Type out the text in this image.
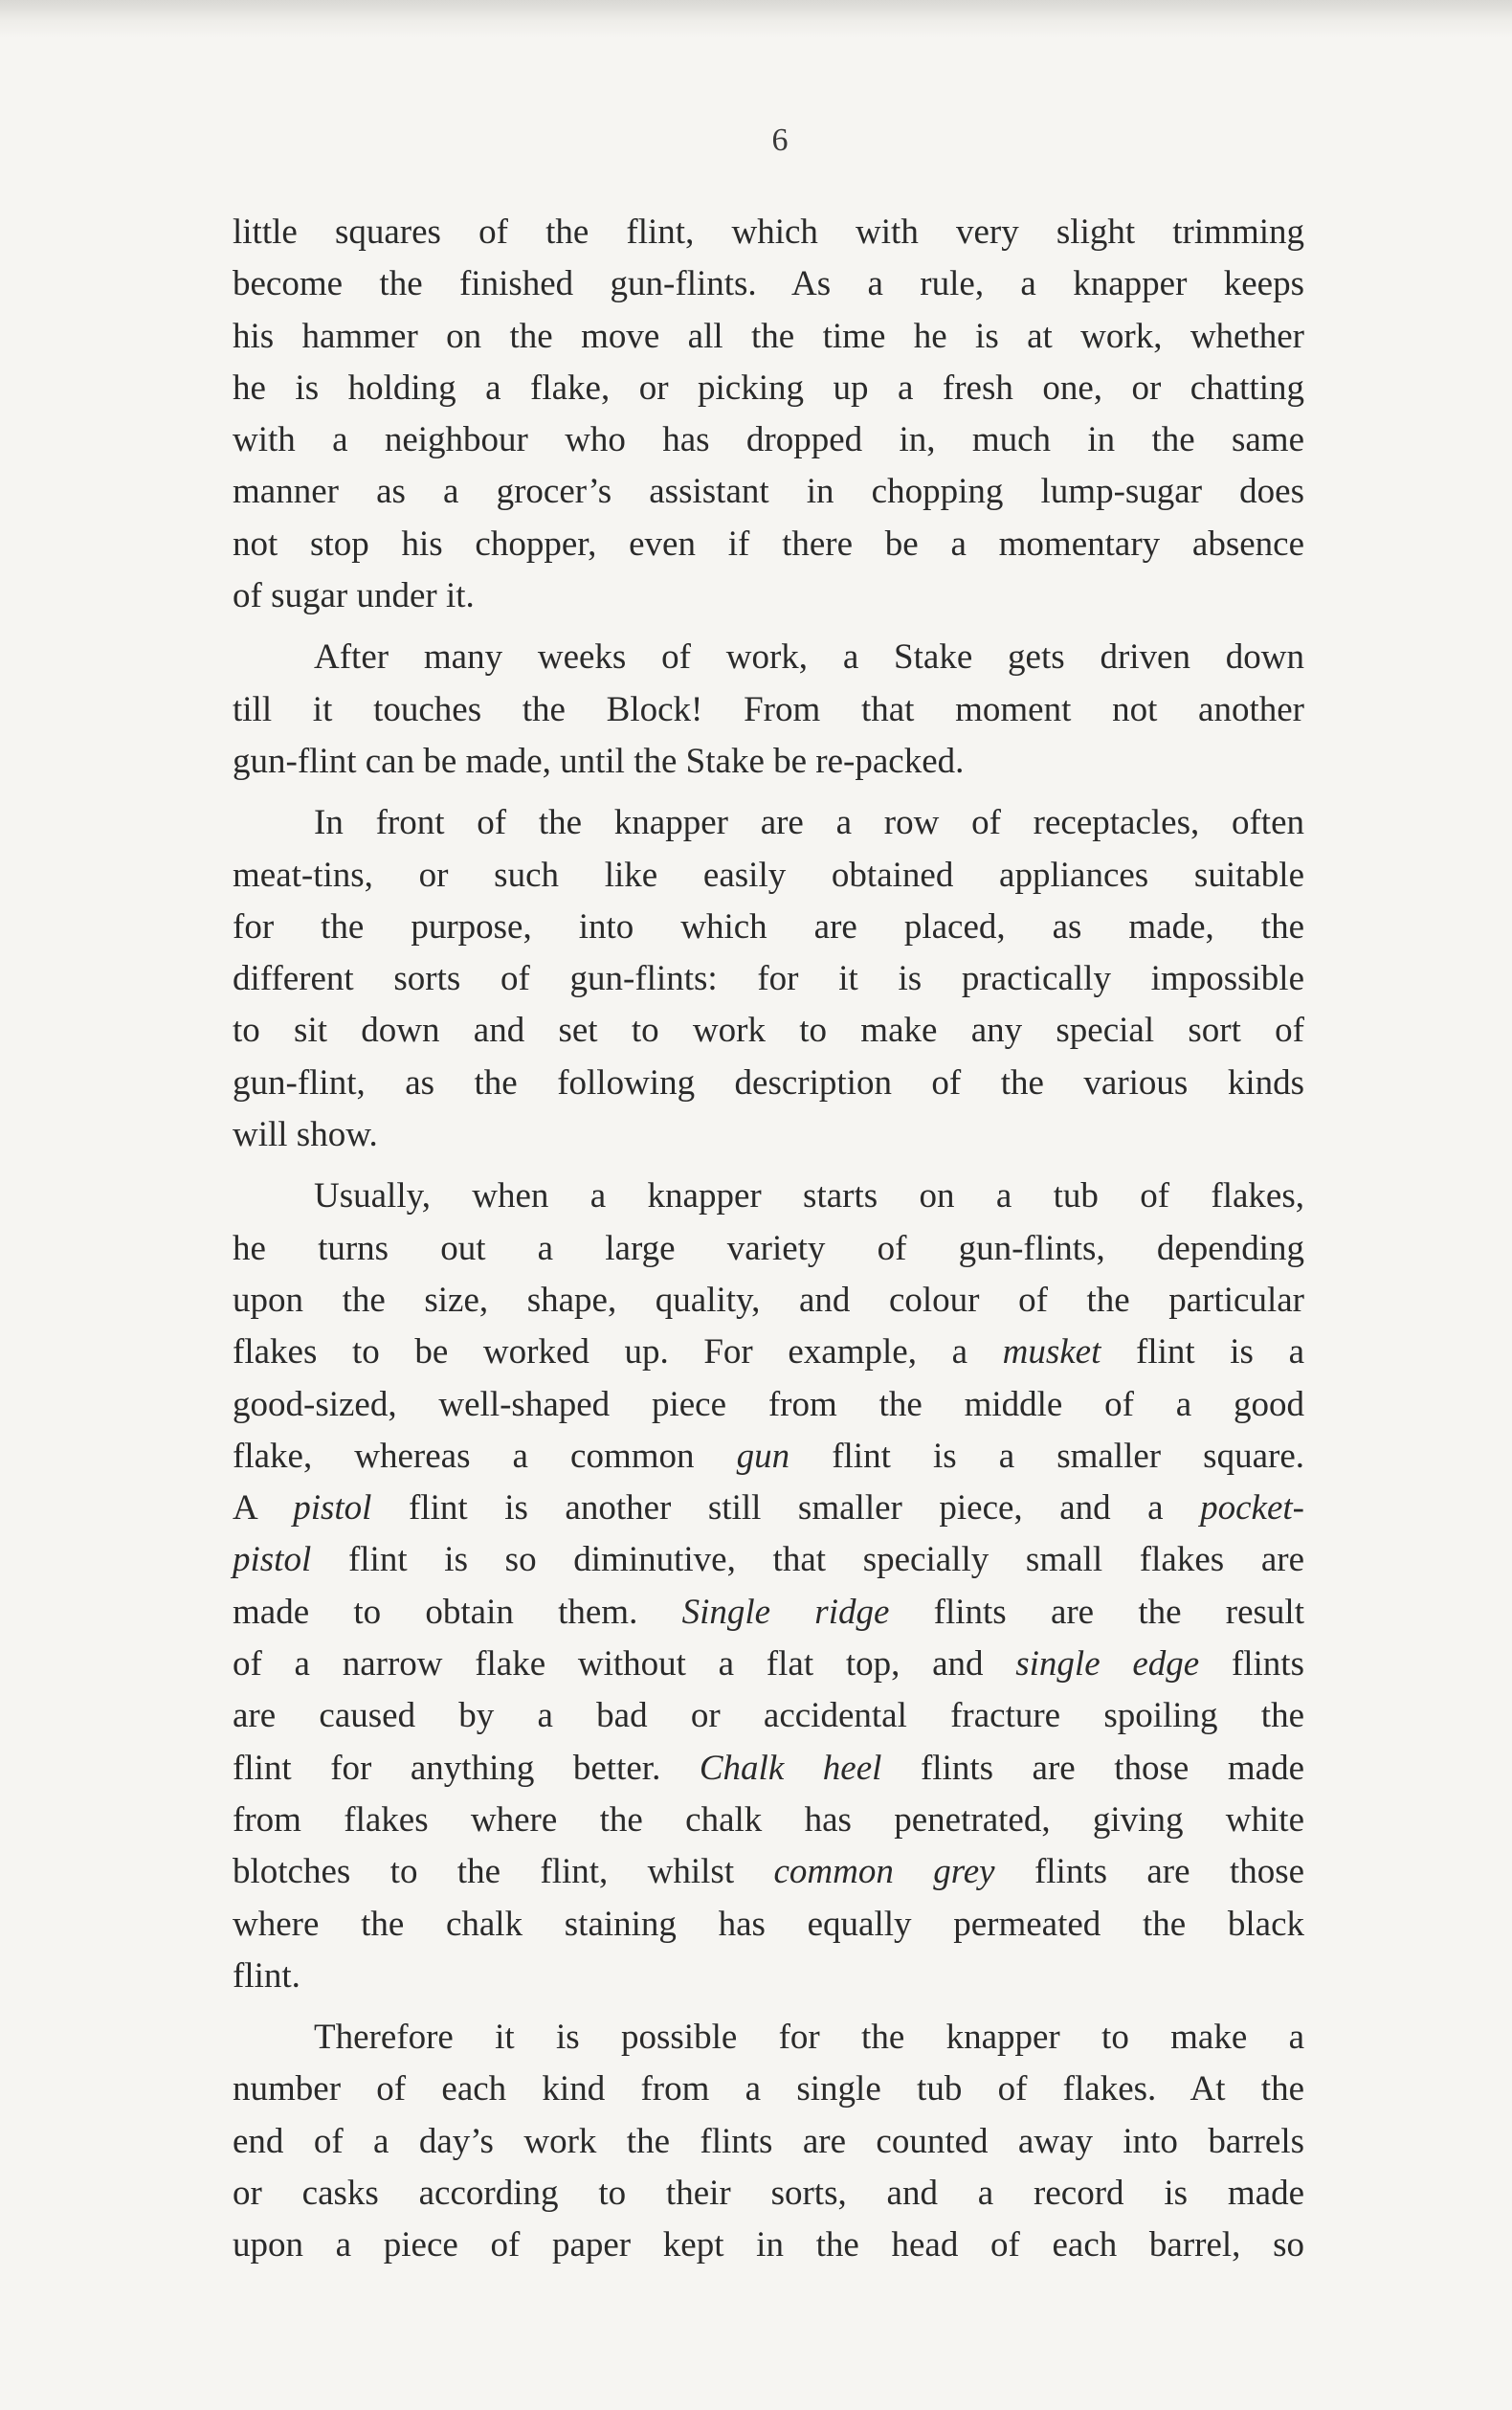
6
little squares of the flint, which with very slight trimming
become the finished gun-flints. As a rule, a knapper keeps
his hammer on the move all the time he is at work, whether
he is holding a flake, or picking up a fresh one, or chatting
with a neighbour who has dropped in, much in the same
manner as a grocer’s assistant in chopping lump-sugar does
not stop his chopper, even if there be a momentary absence
of sugar under it.
After many weeks of work, a Stake gets driven down
till it touches the Block! From that moment not another
gun-flint can be made, until the Stake be re-packed.
In front of the knapper are a row of receptacles, often
meat-tins, or such like easily obtained appliances suitable
for the purpose, into which are placed, as made, the
different sorts of gun-flints: for it is practically impossible
to sit down and set to work to make any special sort of
gun-flint, as the following description of the various kinds
will show.
Usually, when a knapper starts on a tub of flakes,
he turns out a large variety of gun-flints, depending
upon the size, shape, quality, and colour of the particular
flakes to be worked up. For example, a musket flint is a
good-sized, well-shaped piece from the middle of a good
flake, whereas a common gun flint is a smaller square.
A pistol flint is another still smaller piece, and a pocket-
pistol flint is so diminutive, that specially small flakes are
made to obtain them. Single ridge flints are the result
of a narrow flake without a flat top, and single edge flints
are caused by a bad or accidental fracture spoiling the
flint for anything better. Chalk heel flints are those made
from flakes where the chalk has penetrated, giving white
blotches to the flint, whilst common grey flints are those
where the chalk staining has equally permeated the black
flint.
Therefore it is possible for the knapper to make a
number of each kind from a single tub of flakes. At the
end of a day’s work the flints are counted away into barrels
or casks according to their sorts, and a record is made
upon a piece of paper kept in the head of each barrel, so
